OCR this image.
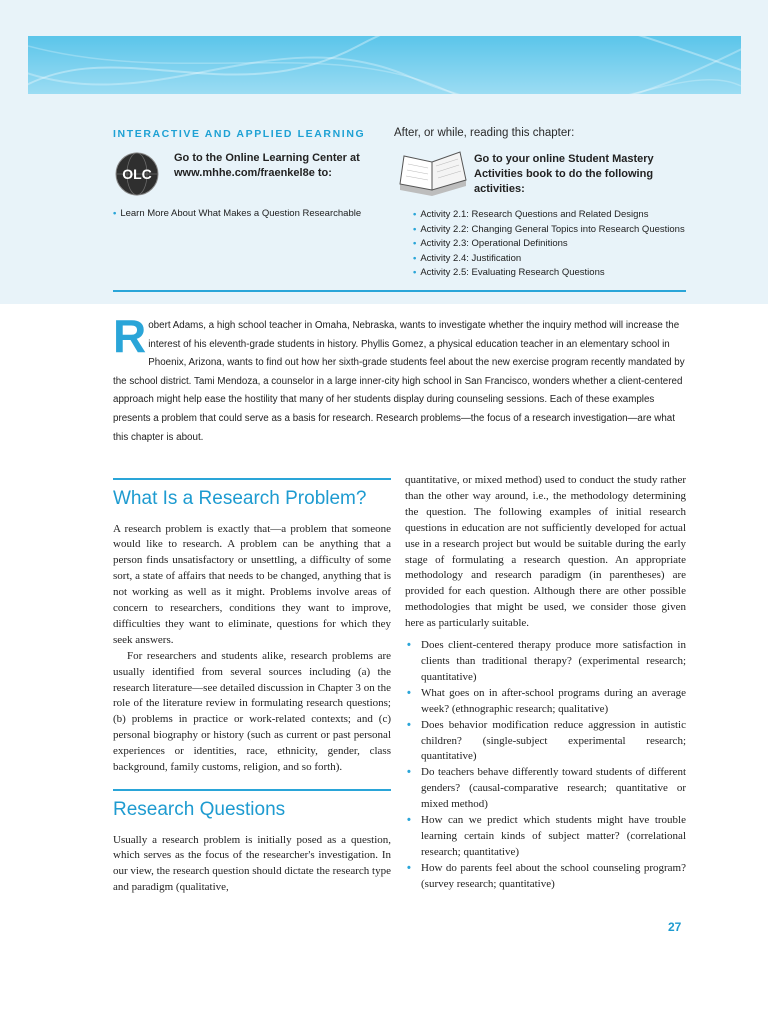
INTERACTIVE AND APPLIED LEARNING After, or while, reading this chapter:
OLC
Go to the Online Learning Center at www.mhhe.com/fraenkel8e to:
• Learn More About What Makes a Question Researchable
Go to your online Student Mastery Activities book to do the following activities:
• Activity 2.1: Research Questions and Related Designs
• Activity 2.2: Changing General Topics into Research Questions
• Activity 2.3: Operational Definitions
• Activity 2.4: Justification
• Activity 2.5: Evaluating Research Questions
Robert Adams, a high school teacher in Omaha, Nebraska, wants to investigate whether the inquiry method will increase the interest of his eleventh-grade students in history. Phyllis Gomez, a physical education teacher in an elementary school in Phoenix, Arizona, wants to find out how her sixth-grade students feel about the new exercise program recently mandated by the school district. Tami Mendoza, a counselor in a large inner-city high school in San Francisco, wonders whether a client-centered approach might help ease the hostility that many of her students display during counseling sessions. Each of these examples presents a problem that could serve as a basis for research. Research problems—the focus of a research investigation—are what this chapter is about.
What Is a Research Problem?

A research problem is exactly that—a problem that someone would like to research. A problem can be anything that a person finds unsatisfactory or unsettling, a difficulty of some sort, a state of affairs that needs to be changed, anything that is not working as well as it might. Problems involve areas of concern to researchers, conditions they want to improve, difficulties they want to eliminate, questions for which they seek answers.

For researchers and students alike, research problems are usually identified from several sources including (a) the research literature—see detailed discussion in Chapter 3 on the role of the literature review in formulating research questions; (b) problems in practice or work-related contexts; and (c) personal biography or history (such as current or past personal experiences or identities, race, ethnicity, gender, class background, family customs, religion, and so forth).

Research Questions

Usually a research problem is initially posed as a question, which serves as the focus of the researcher's investigation. In our view, the research question should dictate the research type and paradigm (qualitative,

quantitative, or mixed method) used to conduct the study rather than the other way around, i.e., the methodology determining the question. The following examples of initial research questions in education are not sufficiently developed for actual use in a research project but would be suitable during the early stage of formulating a research question. An appropriate methodology and research paradigm (in parentheses) are provided for each question. Although there are other possible methodologies that might be used, we consider those given here as particularly suitable.

• Does client-centered therapy produce more satisfaction in clients than traditional therapy? (experimental research; quantitative)
• What goes on in after-school programs during an average week? (ethnographic research; qualitative)
• Does behavior modification reduce aggression in autistic children? (single-subject experimental research; quantitative)
• Do teachers behave differently toward students of different genders? (causal-comparative research; quantitative or mixed method)
• How can we predict which students might have trouble learning certain kinds of subject matter? (correlational research; quantitative)
• How do parents feel about the school counseling program? (survey research; quantitative)
27
